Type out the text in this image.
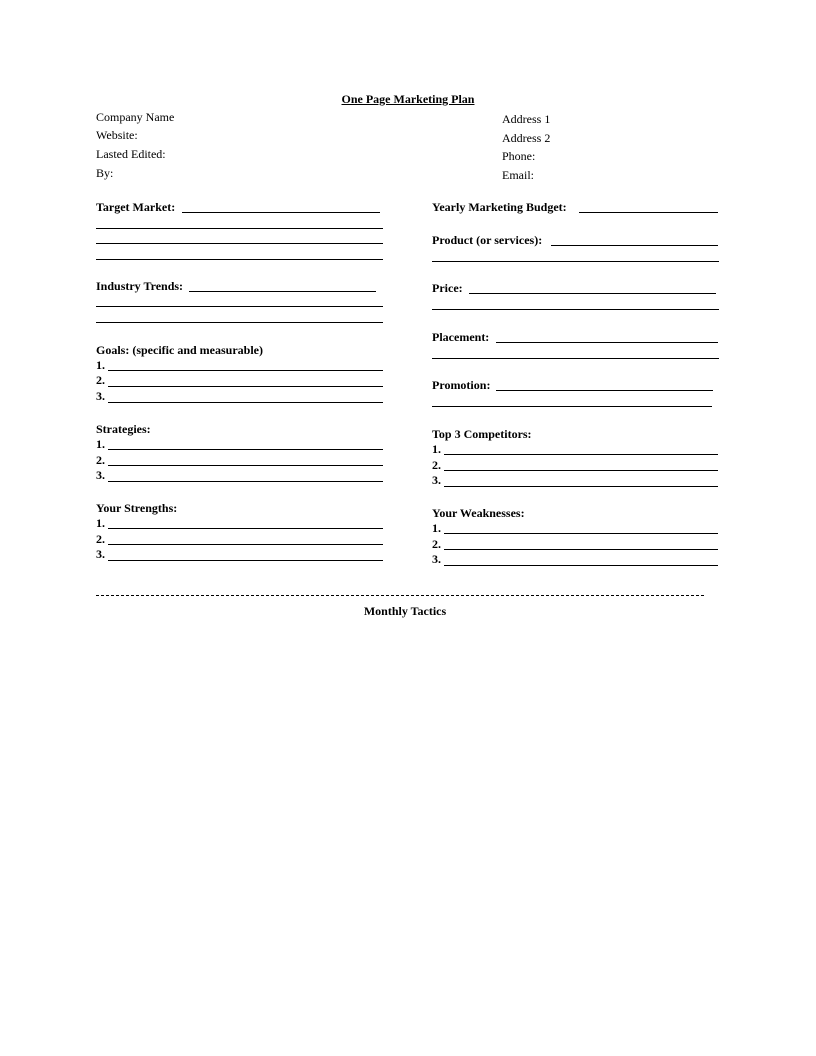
One Page Marketing Plan
Company Name
Website:
Lasted Edited:
By:
Address 1
Address 2
Phone:
Email:
Target Market:
Industry Trends:
Goals: (specific and measurable)
1.
2.
3.
Strategies:
1.
2.
3.
Your Strengths:
1.
2.
3.
Yearly Marketing Budget:
Product (or services):
Price:
Placement:
Promotion:
Top 3 Competitors:
1.
2.
3.
Your Weaknesses:
1.
2.
3.
Monthly Tactics
